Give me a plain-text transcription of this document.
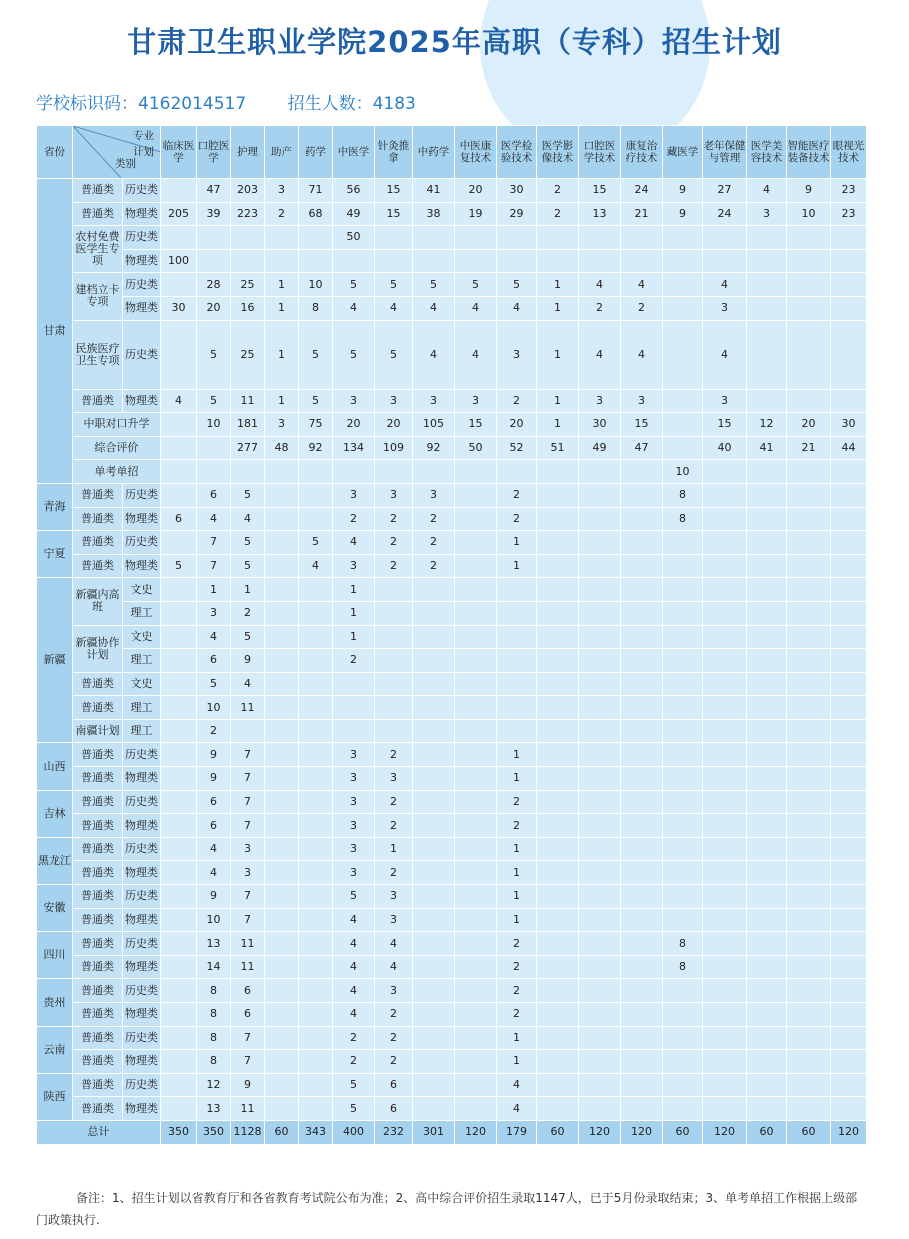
甘肃卫生职业学院2025年高职（专科）招生计划
学校标识码：4162014517 招生人数：4183
省份	专业
计划
类别		临床医学	口腔医学	护理	助产	药学	中医学	针灸推拿	中药学	中医康复技术	医学检验技术	医学影像技术	口腔医学技术	康复治疗技术	藏医学	老年保健与管理	医学美容技术	智能医疗装备技术	眼视光技术
甘肃	普通类	历史类		47	203	3	71	56	15	41	20	30	2	15	24	9	27	4	9	23
	普通类	物理类	205	39	223	2	68	49	15	38	19	29	2	13	21	9	24	3	10	23
	农村免费医学生专项	历史类						50												
		物理类	100																	
	建档立卡专项	历史类		28	25	1	10	5	5	5	5	5	1	4	4		4			
		物理类	30	20	16	1	8	4	4	4	4	4	1	2	2		3			
	民族医疗卫生专项	历史类		5	25	1	5	5	5	4	4	3	1	4	4		4			
	普通类	物理类	4	5	11	1	5	3	3	3	3	2	1	3	3		3			
	中职对口升学			10	181	3	75	20	20	105	15	20	1	30	15		15	12	20	30
	综合评价				277	48	92	134	109	92	50	52	51	49	47		40	41	21	44
	单考单招															10				
青海	普通类	历史类		6	5			3	3	3		2				8				
	普通类	物理类	6	4	4			2	2	2		2				8				
宁夏	普通类	历史类		7	5		5	4	2	2		1								
	普通类	物理类	5	7	5		4	3	2	2		1								
新疆	新疆内高班	文史		1	1			1												
		理工		3	2			1												
	新疆协作计划	文史		4	5			1												
		理工		6	9			2												
	普通类	文史		5	4															
	普通类	理工		10	11															
	南疆计划	理工		2																
山西	普通类	历史类		9	7			3	2			1								
	普通类	物理类		9	7			3	3			1								
吉林	普通类	历史类		6	7			3	2			2								
	普通类	物理类		6	7			3	2			2								
黑龙江	普通类	历史类		4	3			3	1			1								
	普通类	物理类		4	3			3	2			1								
安徽	普通类	历史类		9	7			5	3			1								
	普通类	物理类		10	7			4	3			1								
四川	普通类	历史类		13	11			4	4			2				8				
	普通类	物理类		14	11			4	4			2				8				
贵州	普通类	历史类		8	6			4	3			2								
	普通类	物理类		8	6			4	2			2								
云南	普通类	历史类		8	7			2	2			1								
	普通类	物理类		8	7			2	2			1								
陕西	普通类	历史类		12	9			5	6			4								
	普通类	物理类		13	11			5	6			4								
总计			350	350	1128	60	343	400	232	301	120	179	60	120	120	60	120	60	60	120
备注：1、招生计划以省教育厅和各省教育考试院公布为准；2、高中综合评价招生录取1147人，已于5月份录取结束；3、单考单招工作根据上级部门政策执行.
